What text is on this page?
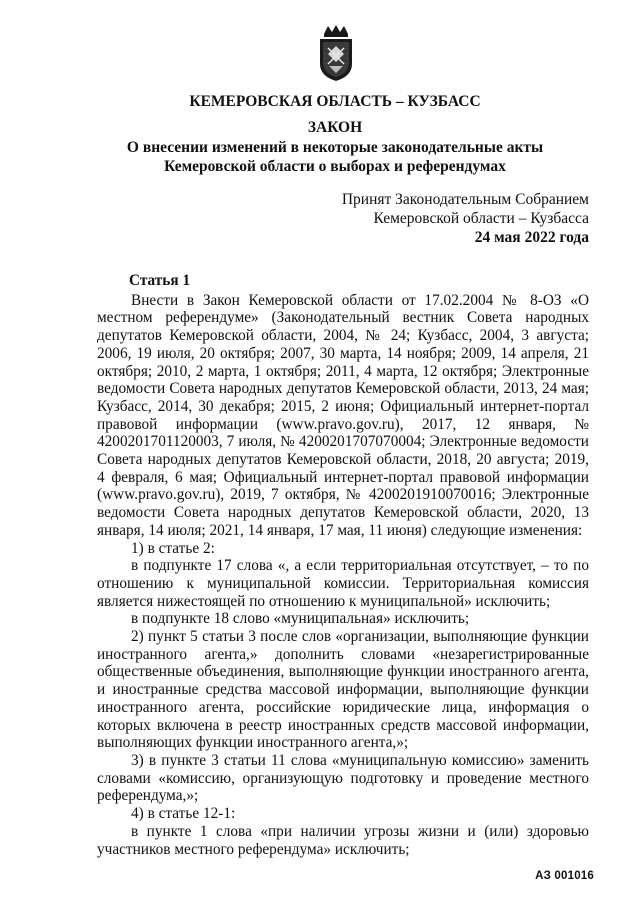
КЕМЕРОВСКАЯ ОБЛАСТЬ – КУЗБАСС
ЗАКОН
О внесении изменений в некоторые законодательные акты
Кемеровской области о выборах и референдумах
Принят Законодательным Собранием
Кемеровской области – Кузбасса
24 мая 2022 года
Статья 1

Внести в Закон Кемеровской области от 17.02.2004 № 8-ОЗ «О местном референдуме» (Законодательный вестник Совета народных депутатов Кемеровской области, 2004, № 24; Кузбасс, 2004, 3 августа; 2006, 19 июля, 20 октября; 2007, 30 марта, 14 ноября; 2009, 14 апреля, 21 октября; 2010, 2 марта, 1 октября; 2011, 4 марта, 12 октября; Электронные ведомости Совета народных депутатов Кемеровской области, 2013, 24 мая; Кузбасс, 2014, 30 декабря; 2015, 2 июня; Официальный интернет-портал правовой информации (www.pravo.gov.ru), 2017, 12 января, № 4200201701120003, 7 июля, № 4200201707070004; Электронные ведомости Совета народных депутатов Кемеровской области, 2018, 20 августа; 2019, 4 февраля, 6 мая; Официальный интернет-портал правовой информации (www.pravo.gov.ru), 2019, 7 октября, № 4200201910070016; Электронные ведомости Совета народных депутатов Кемеровской области, 2020, 13 января, 14 июля; 2021, 14 января, 17 мая, 11 июня) следующие изменения:

1) в статье 2:

в подпункте 17 слова «, а если территориальная отсутствует, – то по отношению к муниципальной комиссии. Территориальная комиссия является нижестоящей по отношению к муниципальной» исключить;

в подпункте 18 слово «муниципальная» исключить;

2) пункт 5 статьи 3 после слов «организации, выполняющие функции иностранного агента,» дополнить словами «незарегистрированные общественные объединения, выполняющие функции иностранного агента, и иностранные средства массовой информации, выполняющие функции иностранного агента, российские юридические лица, информация о которых включена в реестр иностранных средств массовой информации, выполняющих функции иностранного агента,»;

3) в пункте 3 статьи 11 слова «муниципальную комиссию» заменить словами «комиссию, организующую подготовку и проведение местного референдума,»;

4) в статье 12-1:

в пункте 1 слова «при наличии угрозы жизни и (или) здоровью участников местного референдума» исключить;

АЗ 001016
